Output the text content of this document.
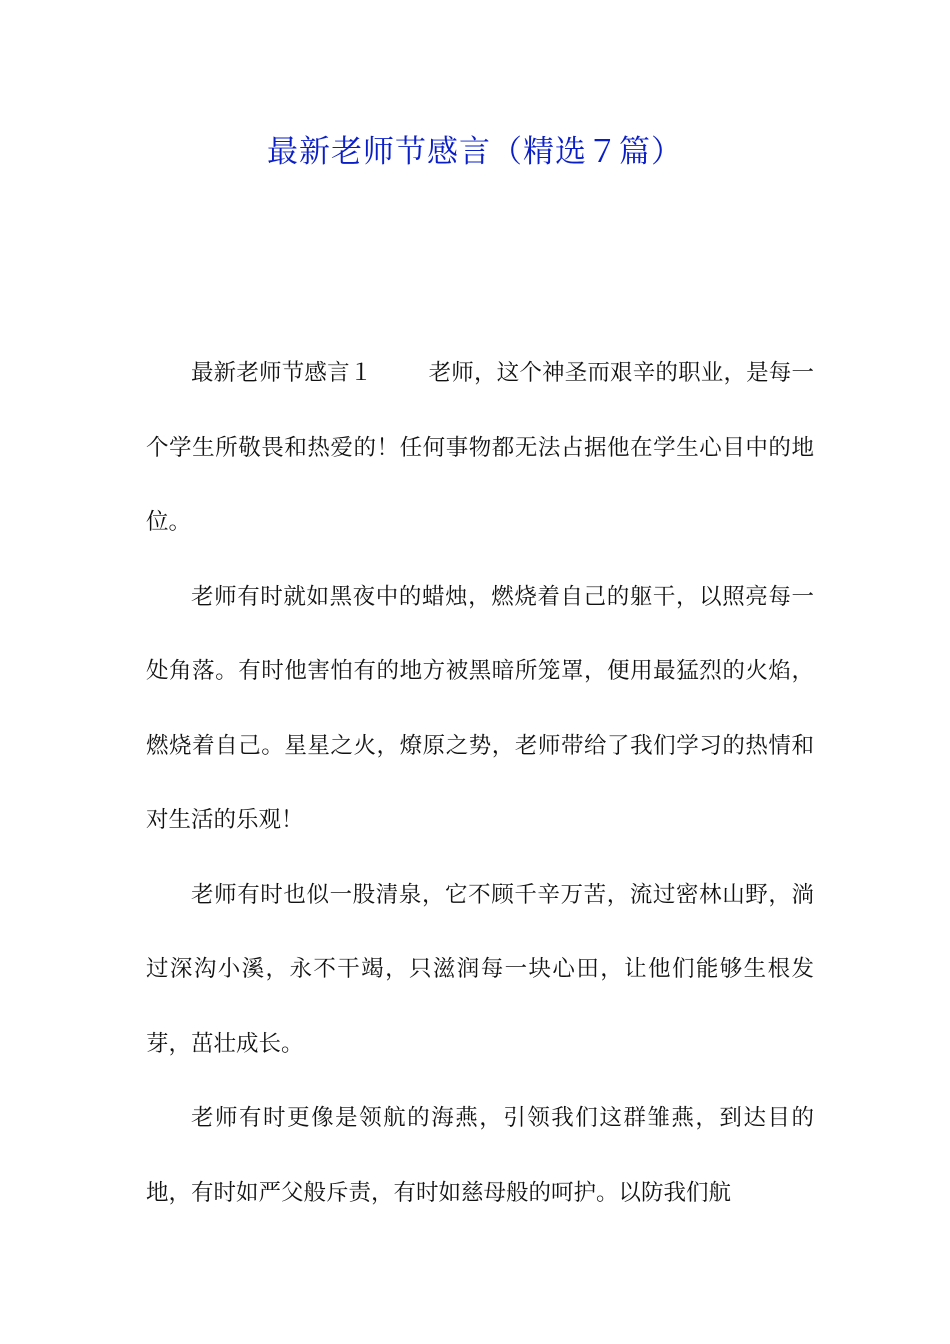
最新老师节感言（精选７篇）

最新老师节感言１ 老师，这个神圣而艰辛的职业，是每一个学生所敬畏和热爱的！任何事物都无法占据他在学生心目中的地位。

老师有时就如黑夜中的蜡烛，燃烧着自己的躯干，以照亮每一处角落。有时他害怕有的地方被黑暗所笼罩，便用最猛烈的火焰，燃烧着自己。星星之火，燎原之势，老师带给了我们学习的热情和对生活的乐观！

老师有时也似一股清泉，它不顾千辛万苦，流过密林山野，淌过深沟小溪，永不干竭，只滋润每一块心田，让他们能够生根发芽，茁壮成长。

老师有时更像是领航的海燕，引领我们这群雏燕，到达目的地，有时如严父般斥责，有时如慈母般的呵护。以防我们航
